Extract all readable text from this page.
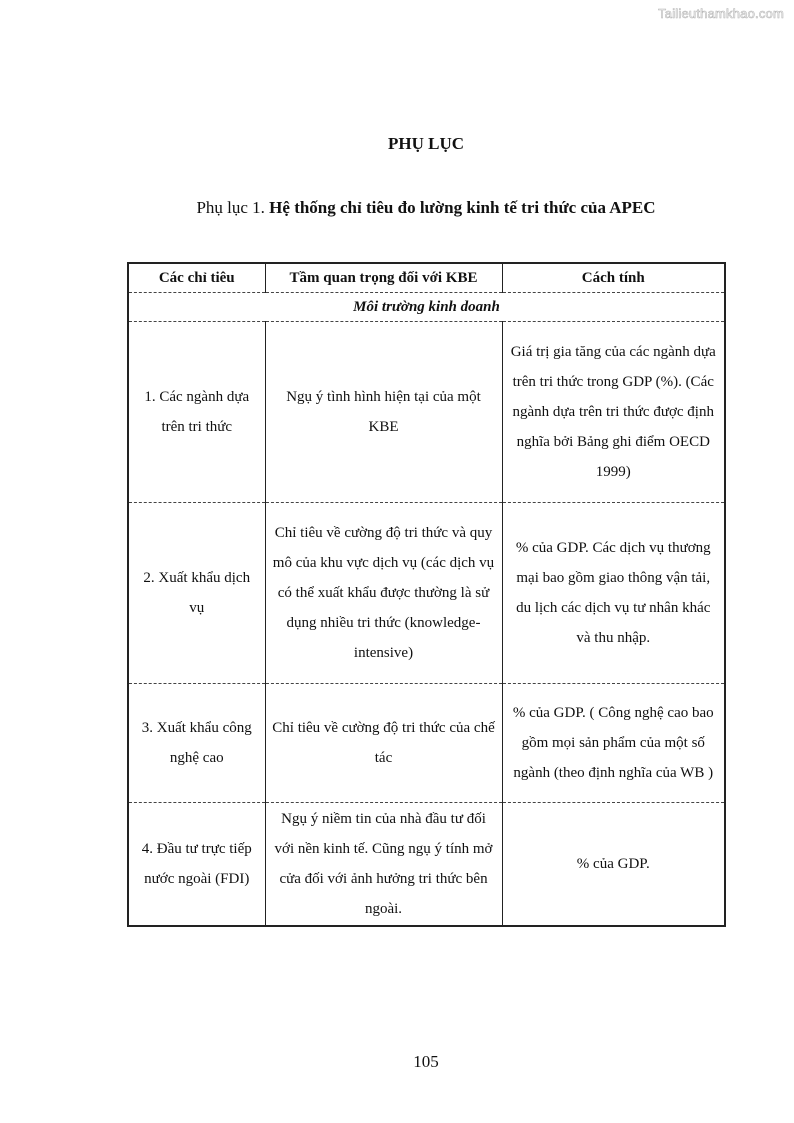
Tailieuthamkhao.com
PHỤ LỤC
Phụ lục 1. Hệ thống chỉ tiêu đo lường kinh tế tri thức của APEC
Các chỉ tiêu	Tầm quan trọng đối với KBE	Cách tính
Môi trường kinh doanh		
1. Các ngành dựa trên tri thức	Ngụ ý tình hình hiện tại của một KBE	Giá trị gia tăng của các ngành dựa trên tri thức trong GDP (%). (Các ngành dựa trên tri thức được định nghĩa bởi Bảng ghi điểm OECD 1999)
2. Xuất khẩu dịch vụ	Chỉ tiêu về cường độ tri thức và quy mô của khu vực dịch vụ (các dịch vụ có thể xuất khẩu được thường là sử dụng nhiều tri thức (knowledge-intensive)	% của GDP. Các dịch vụ thương mại bao gồm giao thông vận tải, du lịch các dịch vụ tư nhân khác và thu nhập.
3. Xuất khẩu công nghệ cao	Chỉ tiêu về cường độ tri thức của chế tác	% của GDP. ( Công nghệ cao bao gồm mọi sản phẩm của một số ngành (theo định nghĩa của WB )
4. Đầu tư trực tiếp nước ngoài (FDI)	Ngụ ý niềm tin của nhà đầu tư đối với nền kinh tế. Cũng ngụ ý tính mở cửa đối với ảnh hưởng tri thức bên ngoài.	% của GDP.
105
